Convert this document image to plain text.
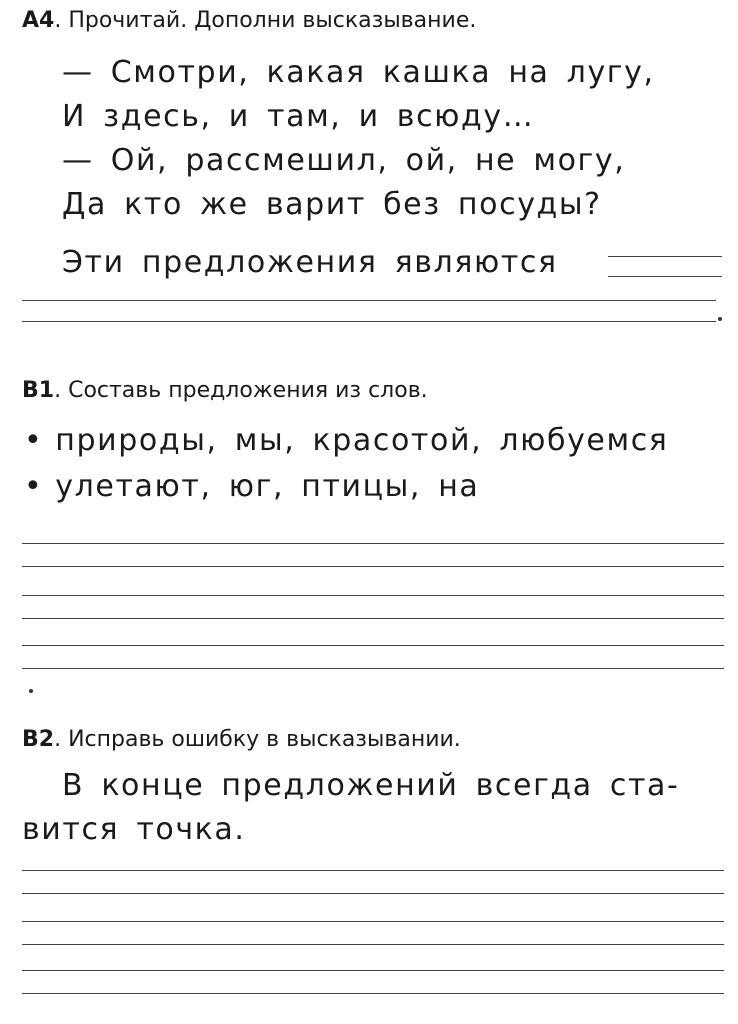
A4. Прочитай. Дополни высказывание.
— Смотри, какая кашка на лугу,
И здесь, и там, и всюду…
— Ой, рассмешил, ой, не могу,
Да кто же варит без посуды?
Эти предложения являются
B1. Составь предложения из слов.
• природы, мы, красотой, любуемся
• улетают, юг, птицы, на
B2. Исправь ошибку в высказывании.
В конце предложений всегда ста-
вится точка.
